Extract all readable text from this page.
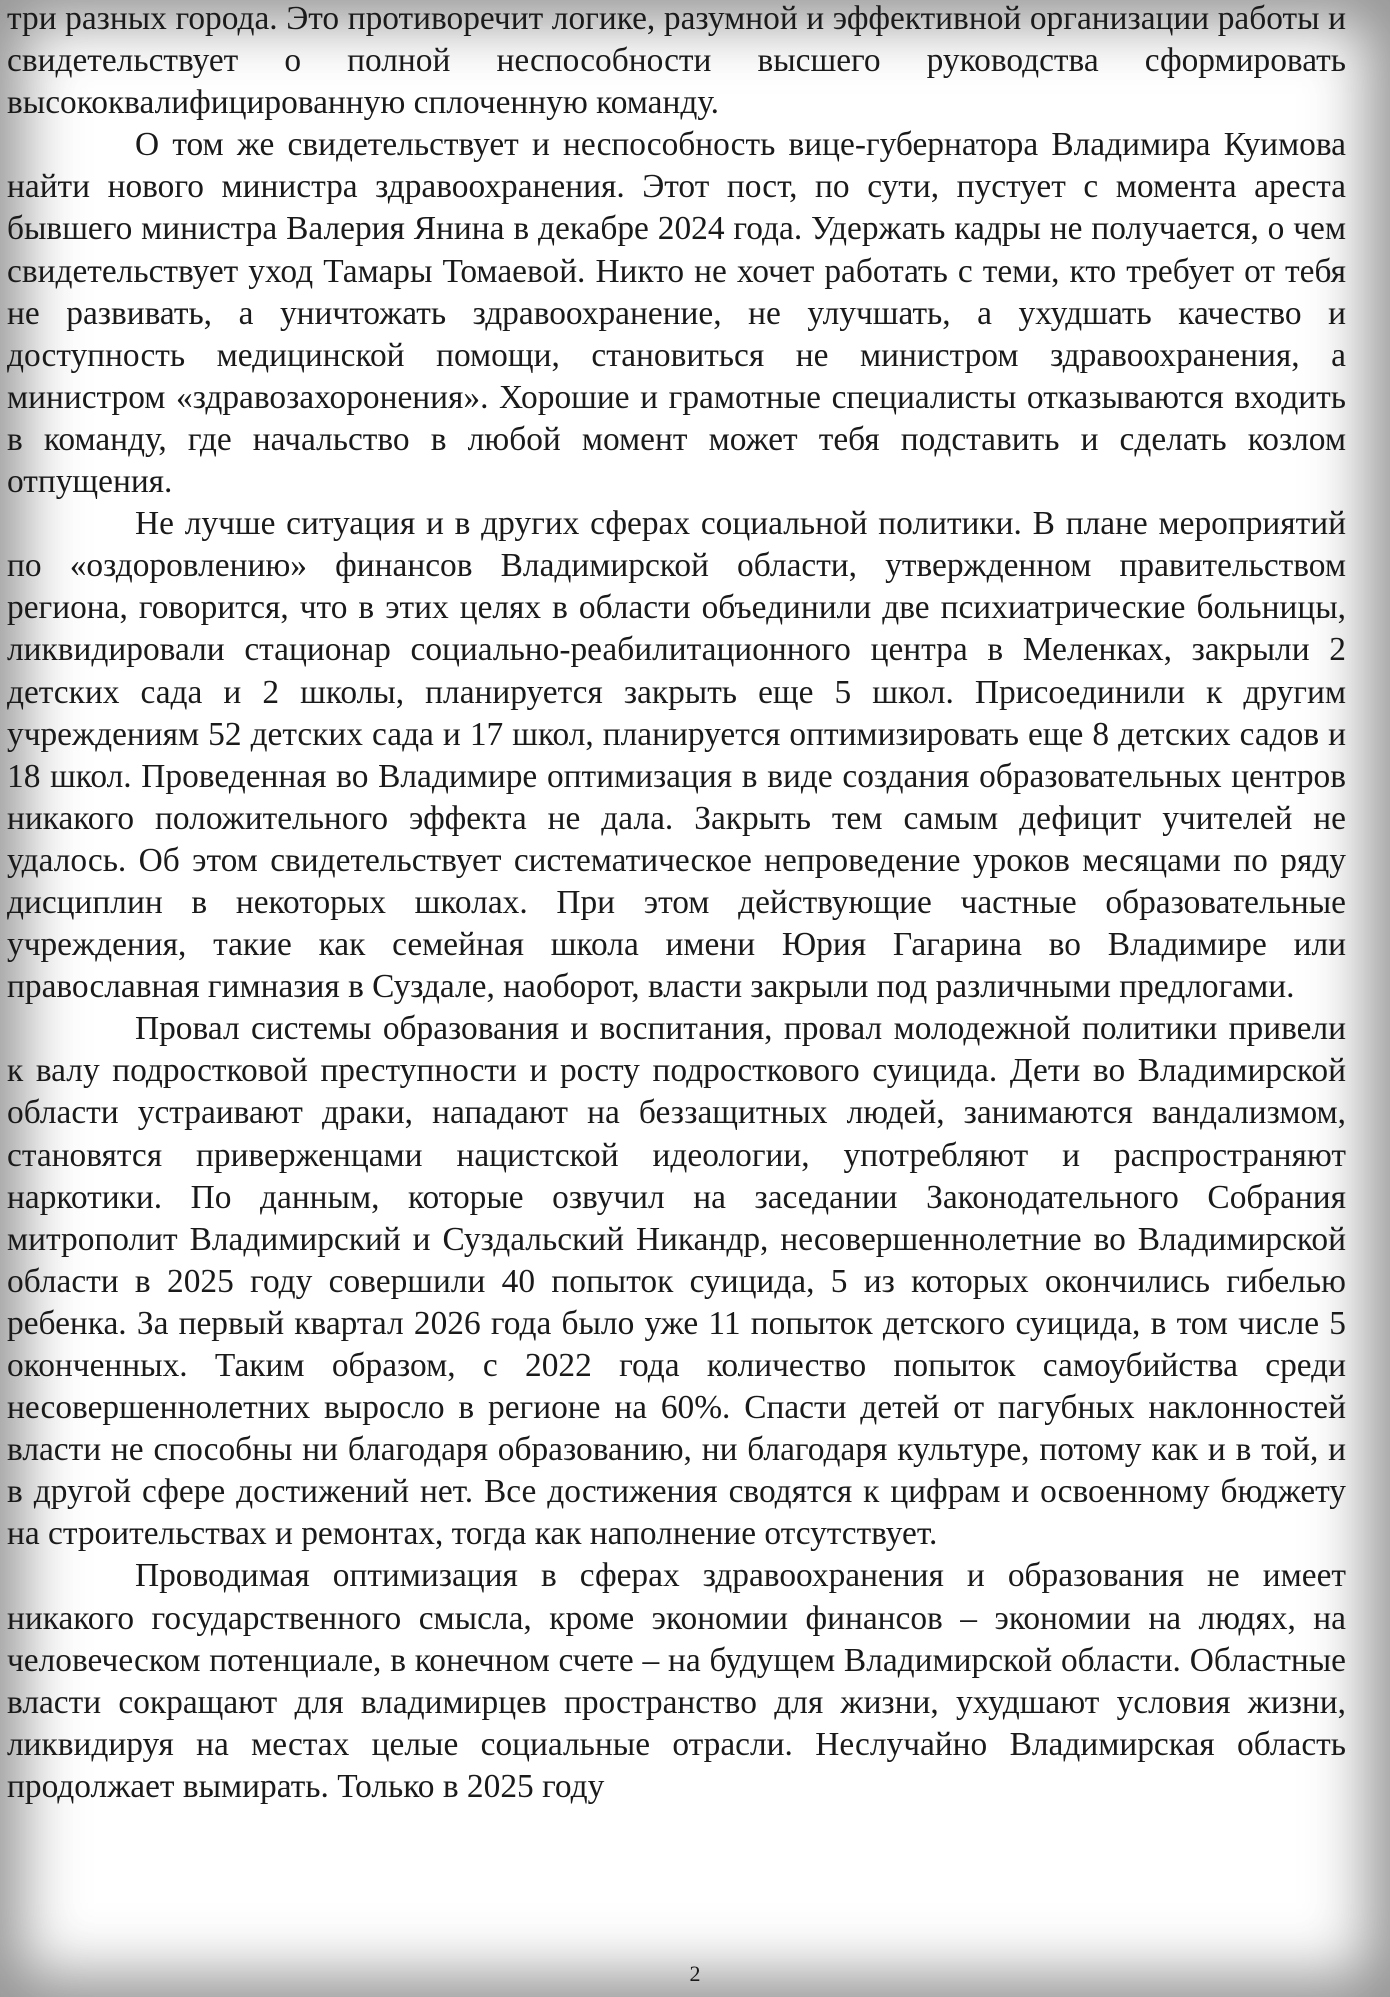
три разных города. Это противоречит логике, разумной и эффективной организации работы и свидетельствует о полной неспособности высшего руководства сформировать высококвалифицированную сплоченную команду.

О том же свидетельствует и неспособность вице-губернатора Владимира Куимова найти нового министра здравоохранения. Этот пост, по сути, пустует с момента ареста бывшего министра Валерия Янина в декабре 2024 года. Удержать кадры не получается, о чем свидетельствует уход Тамары Томаевой. Никто не хочет работать с теми, кто требует от тебя не развивать, а уничтожать здравоохранение, не улучшать, а ухудшать качество и доступность медицинской помощи, становиться не министром здравоохранения, а министром «здравозахоронения». Хорошие и грамотные специалисты отказываются входить в команду, где начальство в любой момент может тебя подставить и сделать козлом отпущения.

Не лучше ситуация и в других сферах социальной политики. В плане мероприятий по «оздоровлению» финансов Владимирской области, утвержденном правительством региона, говорится, что в этих целях в области объединили две психиатрические больницы, ликвидировали стационар социально-реабилитационного центра в Меленках, закрыли 2 детских сада и 2 школы, планируется закрыть еще 5 школ. Присоединили к другим учреждениям 52 детских сада и 17 школ, планируется оптимизировать еще 8 детских садов и 18 школ. Проведенная во Владимире оптимизация в виде создания образовательных центров никакого положительного эффекта не дала. Закрыть тем самым дефицит учителей не удалось. Об этом свидетельствует систематическое непроведение уроков месяцами по ряду дисциплин в некоторых школах. При этом действующие частные образовательные учреждения, такие как семейная школа имени Юрия Гагарина во Владимире или православная гимназия в Суздале, наоборот, власти закрыли под различными предлогами.

Провал системы образования и воспитания, провал молодежной политики привели к валу подростковой преступности и росту подросткового суицида. Дети во Владимирской области устраивают драки, нападают на беззащитных людей, занимаются вандализмом, становятся приверженцами нацистской идеологии, употребляют и распространяют наркотики. По данным, которые озвучил на заседании Законодательного Собрания митрополит Владимирский и Суздальский Никандр, несовершеннолетние во Владимирской области в 2025 году совершили 40 попыток суицида, 5 из которых окончились гибелью ребенка. За первый квартал 2026 года было уже 11 попыток детского суицида, в том числе 5 оконченных. Таким образом, с 2022 года количество попыток самоубийства среди несовершеннолетних выросло в регионе на 60%. Спасти детей от пагубных наклонностей власти не способны ни благодаря образованию, ни благодаря культуре, потому как и в той, и в другой сфере достижений нет. Все достижения сводятся к цифрам и освоенному бюджету на строительствах и ремонтах, тогда как наполнение отсутствует.

Проводимая оптимизация в сферах здравоохранения и образования не имеет никакого государственного смысла, кроме экономии финансов – экономии на людях, на человеческом потенциале, в конечном счете – на будущем Владимирской области. Областные власти сокращают для владимирцев пространство для жизни, ухудшают условия жизни, ликвидируя на местах целые социальные отрасли. Неслучайно Владимирская область продолжает вымирать. Только в 2025 году

2
